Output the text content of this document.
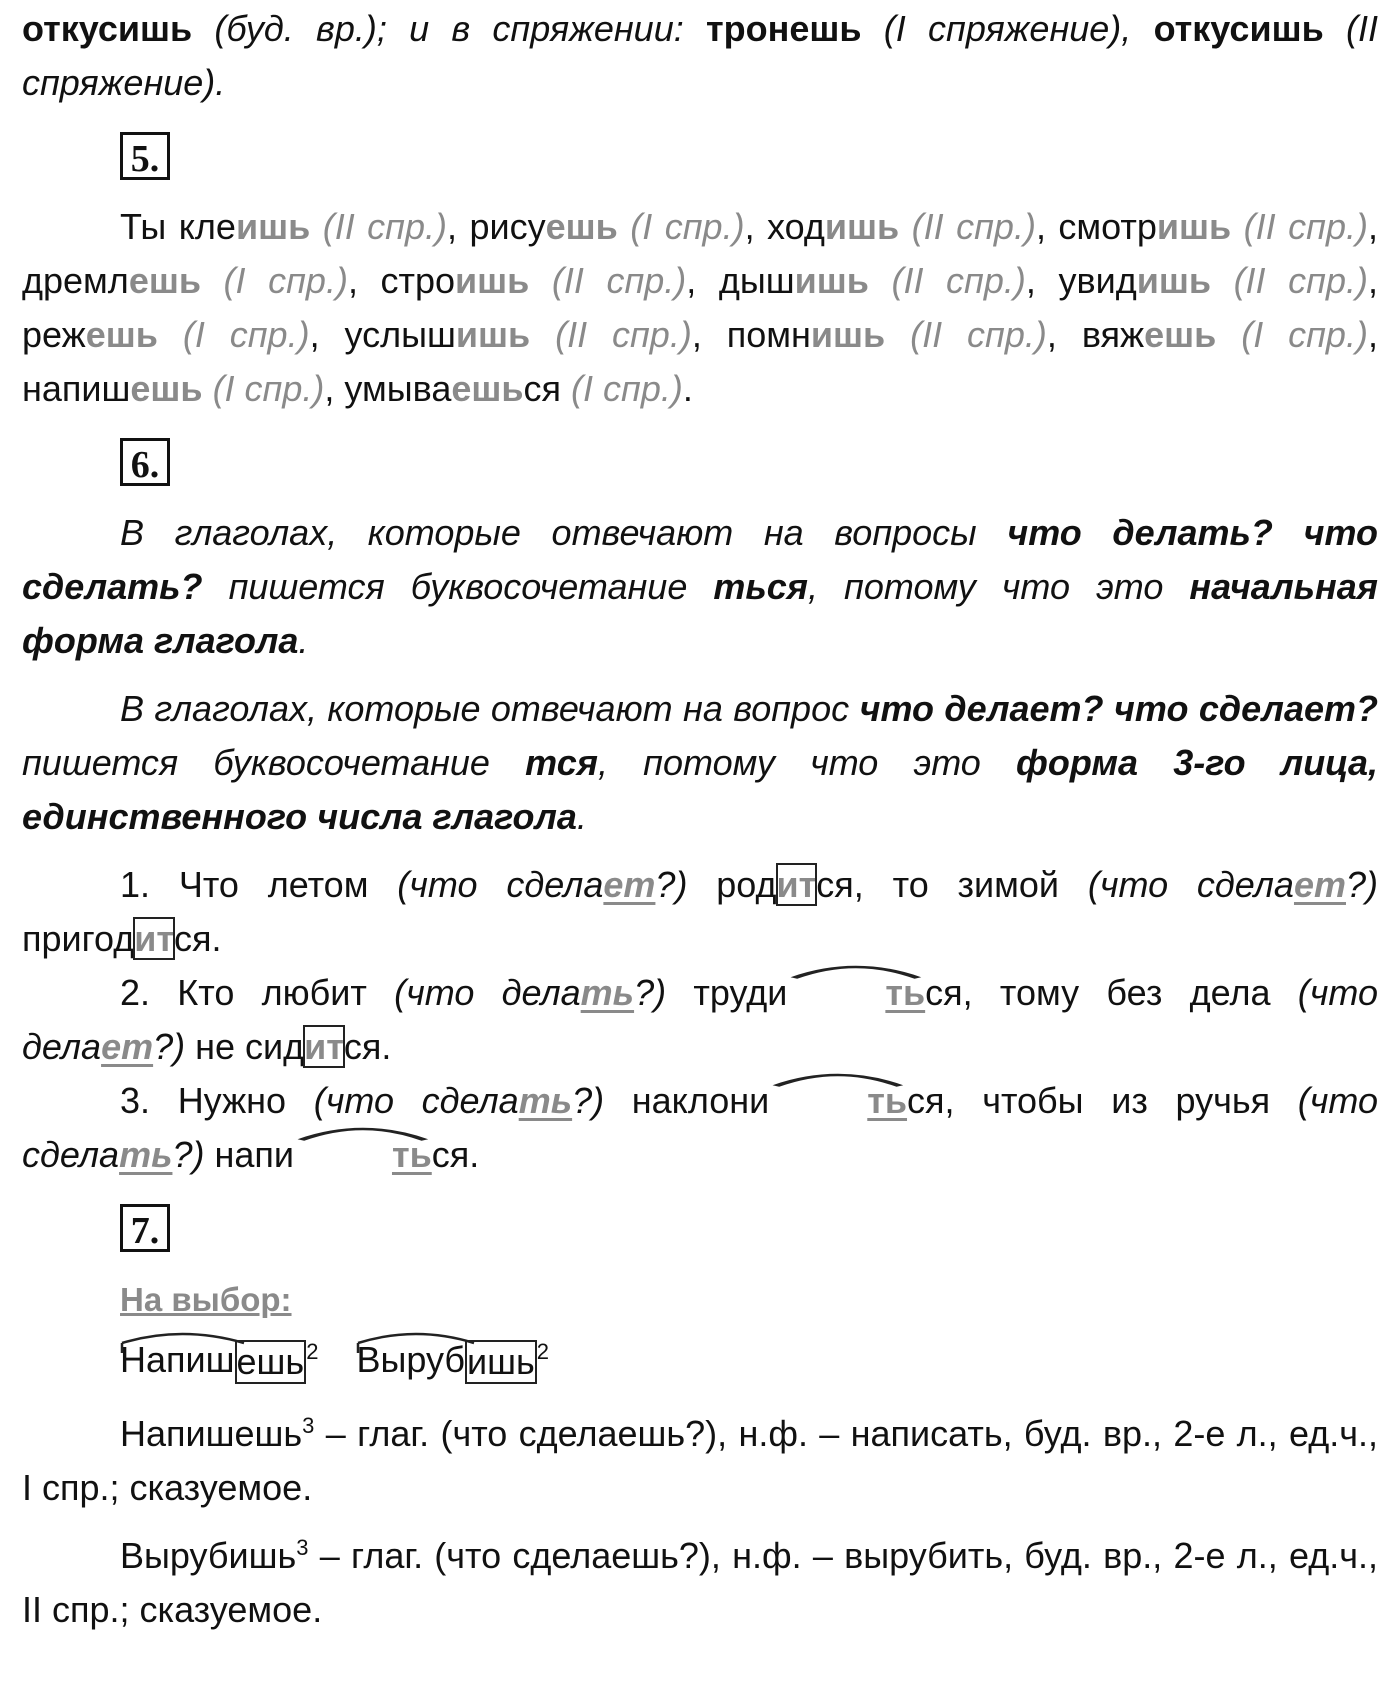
откусишь (буд. вр.); и в спряжении: тронешь (I спряжение), откусишь (II спряжение).

5.

Ты клеишь (II спр.), рисуешь (I спр.), ходишь (II спр.), смотришь (II спр.), дремлешь (I спр.), строишь (II спр.), дышишь (II спр.), увидишь (II спр.), режешь (I спр.), услышишь (II спр.), помнишь (II спр.), вяжешь (I спр.), напишешь (I спр.), умываешься (I спр.).

6.

В глаголах, которые отвечают на вопросы что делать? что сделать? пишется буквосочетание ться, потому что это начальная форма глагола.

В глаголах, которые отвечают на вопрос что делает? что сделает? пишется буквосочетание тся, потому что это форма 3-го лица, единственного числа глагола.

1. Что летом (что сделает?) родится, то зимой (что сделает?) пригодится.

2. Кто любит (что делать?) труди	ться, тому без дела (что делает?) не сидится.

3. Нужно (что сделать?) наклони	ться, чтобы из ручья (что сделать?) напи	ться.

7.

На выбор:

Напишешь$^2$ Вырубишь$^2$

Напишешь$^3$ – глаг. (что сделаешь?), н.ф. – написать, буд. вр., 2-е л., ед.ч., I спр.; сказуемое.

Вырубишь$^3$ – глаг. (что сделаешь?), н.ф. – вырубить, буд. вр., 2-е л., ед.ч., II спр.; сказуемое.
